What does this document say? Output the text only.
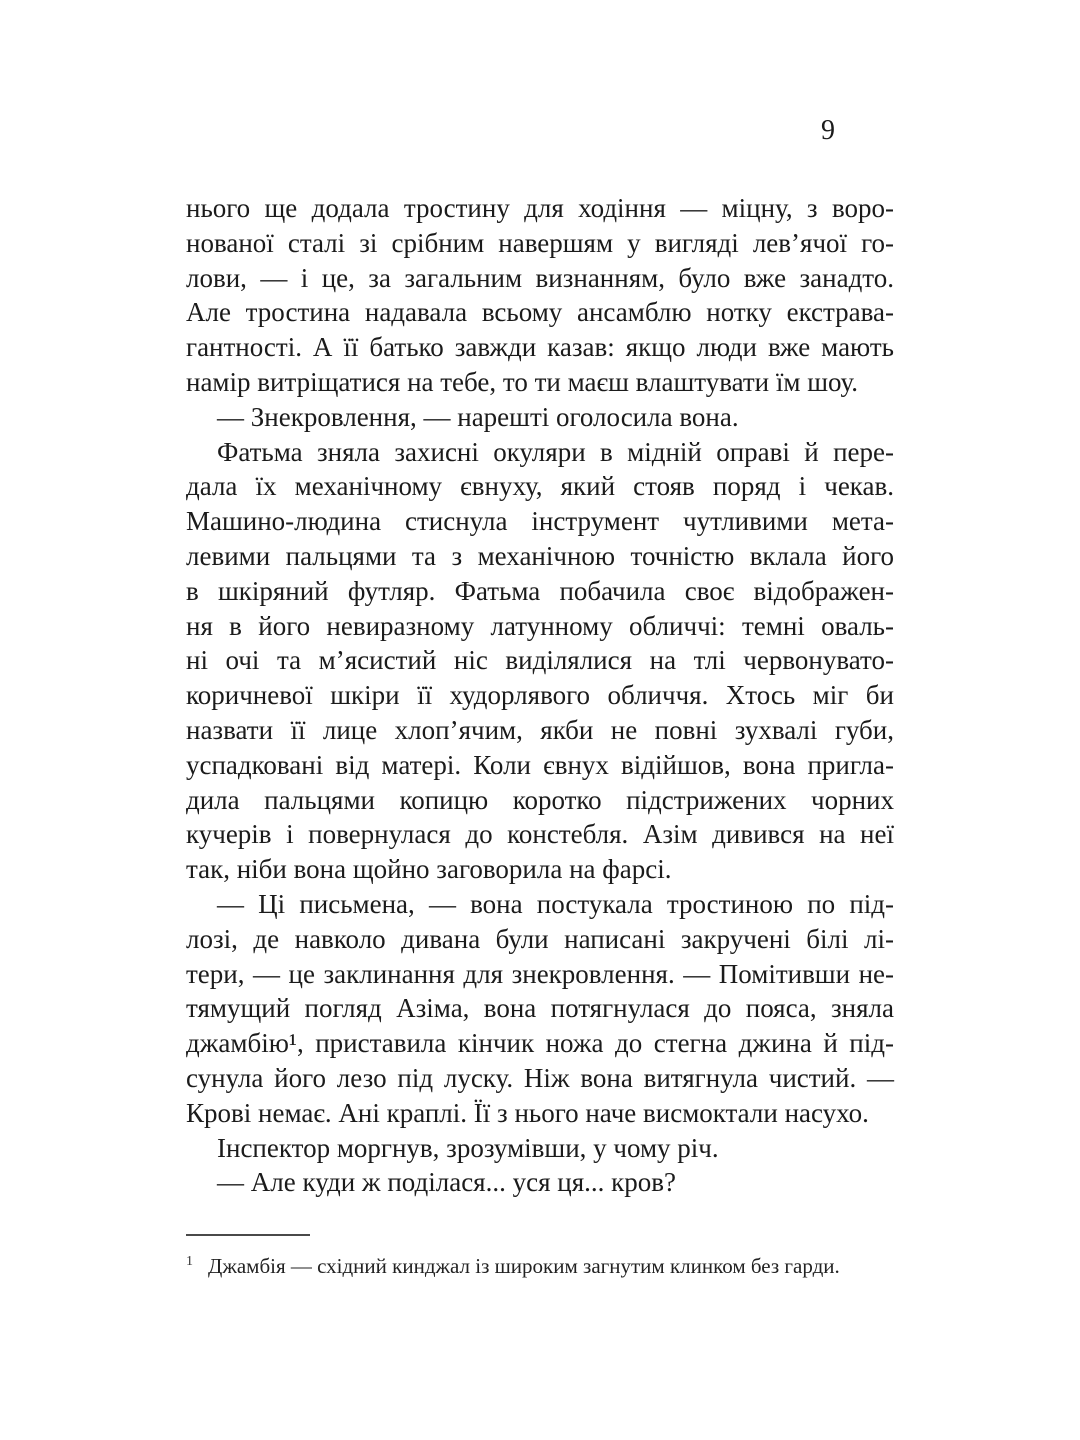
9
нього ще додала тростину для ходіння — міцну, з воро-
нованої сталі зі срібним навершям у вигляді лев’ячої го-
лови, — і це, за загальним визнанням, було вже занадто.
Але тростина надавала всьому ансамблю нотку екстрава-
гантності. А її батько завжди казав: якщо люди вже мають
намір витріщатися на тебе, то ти маєш влаштувати їм шоу.
— Знекровлення, — нарешті оголосила вона.
Фатьма зняла захисні окуляри в мідній оправі й пере-
дала їх механічному євнуху, який стояв поряд і чекав.
Машино-людина стиснула інструмент чутливими мета-
левими пальцями та з механічною точністю вклала його
в шкіряний футляр. Фатьма побачила своє відображен-
ня в його невиразному латунному обличчі: темні оваль-
ні очі та м’ясистий ніс виділялися на тлі червонувато-
коричневої шкіри її худорлявого обличчя. Хтось міг би
назвати її лице хлоп’ячим, якби не повні зухвалі губи,
успадковані від матері. Коли євнух відійшов, вона пригла-
дила пальцями копицю коротко підстрижених чорних
кучерів і повернулася до констебля. Азім дивився на неї
так, ніби вона щойно заговорила на фарсі.
— Ці письмена, — вона постукала тростиною по під-
лозі, де навколо дивана були написані закручені білі лі-
тери, — це заклинання для знекровлення. — Помітивши не-
тямущий погляд Азіма, вона потягнулася до пояса, зняла
джамбію¹, приставила кінчик ножа до стегна джина й під-
сунула його лезо під луску. Ніж вона витягнула чистий. —
Крові немає. Ані краплі. Її з нього наче висмоктали насухо.
Інспектор моргнув, зрозумівши, у чому річ.
— Але куди ж поділася... уся ця... кров?
1 Джамбія — східний кинджал із широким загнутим клинком без гарди.
